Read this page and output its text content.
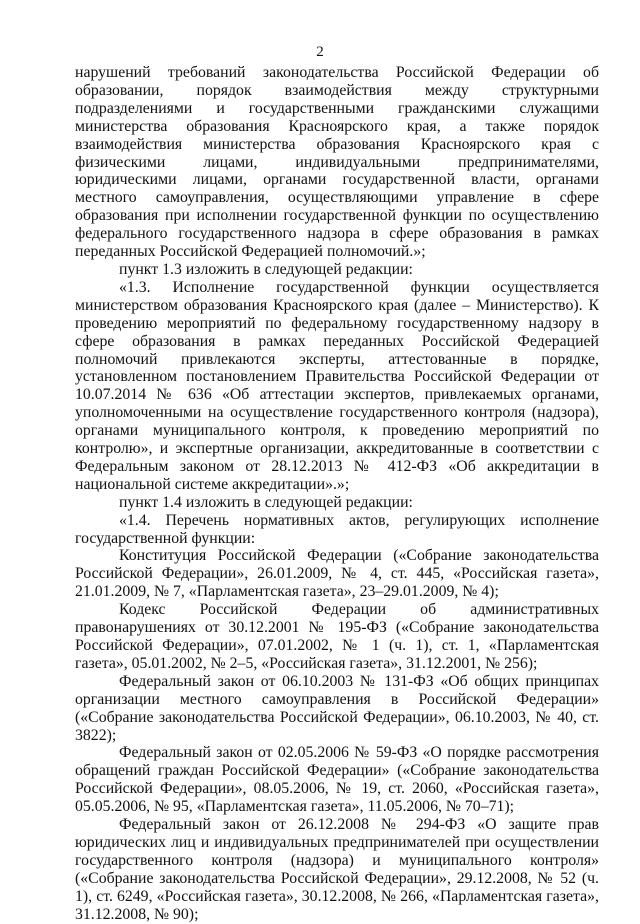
2

нарушений требований законодательства Российской Федерации об образовании, порядок взаимодействия между структурными подразделениями и государственными гражданскими служащими министерства образования Красноярского края, а также порядок взаимодействия министерства образования Красноярского края с физическими лицами, индивидуальными предпринимателями, юридическими лицами, органами государственной власти, органами местного самоуправления, осуществляющими управление в сфере образования при исполнении государственной функции по осуществлению федерального государственного надзора в сфере образования в рамках переданных Российской Федерацией полномочий.»;

пункт 1.3 изложить в следующей редакции:

«1.3. Исполнение государственной функции осуществляется министерством образования Красноярского края (далее – Министерство). К проведению мероприятий по федеральному государственному надзору в сфере образования в рамках переданных Российской Федерацией полномочий привлекаются эксперты, аттестованные в порядке, установленном постановлением Правительства Российской Федерации от 10.07.2014 № 636 «Об аттестации экспертов, привлекаемых органами, уполномоченными на осуществление государственного контроля (надзора), органами муниципального контроля, к проведению мероприятий по контролю», и экспертные организации, аккредитованные в соответствии с Федеральным законом от 28.12.2013 № 412-ФЗ «Об аккредитации в национальной системе аккредитации».»;

пункт 1.4 изложить в следующей редакции:

«1.4. Перечень нормативных актов, регулирующих исполнение государственной функции:

Конституция Российской Федерации («Собрание законодательства Российской Федерации», 26.01.2009, № 4, ст. 445, «Российская газета», 21.01.2009, № 7, «Парламентская газета», 23–29.01.2009, № 4);

Кодекс Российской Федерации об административных правонарушениях от 30.12.2001 № 195-ФЗ («Собрание законодательства Российской Федерации», 07.01.2002, № 1 (ч. 1), ст. 1, «Парламентская газета», 05.01.2002, № 2–5, «Российская газета», 31.12.2001, № 256);

Федеральный закон от 06.10.2003 № 131-ФЗ «Об общих принципах организации местного самоуправления в Российской Федерации» («Собрание законодательства Российской Федерации», 06.10.2003, № 40, ст. 3822);

Федеральный закон от 02.05.2006 № 59-ФЗ «О порядке рассмотрения обращений граждан Российской Федерации» («Собрание законодательства Российской Федерации», 08.05.2006, № 19, ст. 2060, «Российская газета», 05.05.2006, № 95, «Парламентская газета», 11.05.2006, № 70–71);

Федеральный закон от 26.12.2008 № 294-ФЗ «О защите прав юридических лиц и индивидуальных предпринимателей при осуществлении государственного контроля (надзора) и муниципального контроля» («Собрание законодательства Российской Федерации», 29.12.2008, № 52 (ч. 1), ст. 6249, «Российская газета», 30.12.2008, № 266, «Парламентская газета», 31.12.2008, № 90);
